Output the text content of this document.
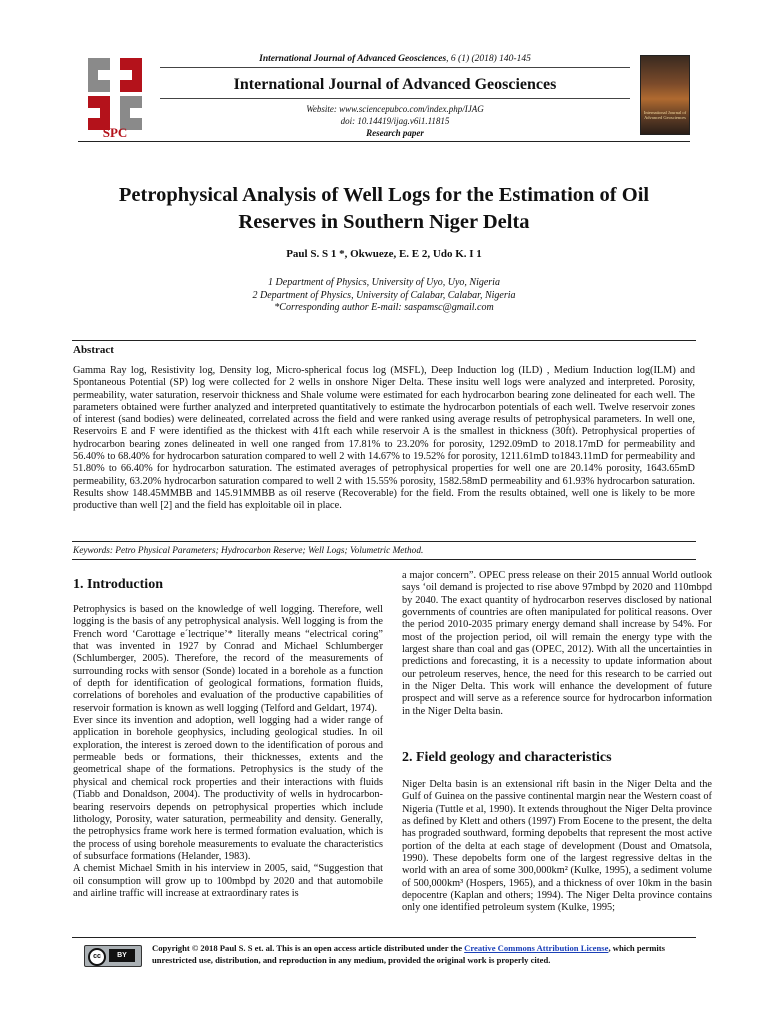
SPC
International Journal of Advanced Geosciences
International Journal of Advanced Geosciences, 6 (1) (2018) 140-145
International Journal of Advanced Geosciences
Website: www.sciencepubco.com/index.php/IJAG
doi: 10.14419/ijag.v6i1.11815
Research paper
Petrophysical Analysis of Well Logs for the Estimation of Oil Reserves in Southern Niger Delta
Paul S. S 1 *, Okwueze, E. E 2, Udo K. I 1
1 Department of Physics, University of Uyo, Uyo, Nigeria
2 Department of Physics, University of Calabar, Calabar, Nigeria
*Corresponding author E-mail: saspamsc@gmail.com
Abstract
Gamma Ray log, Resistivity log, Density log, Micro-spherical focus log (MSFL), Deep Induction log (ILD) , Medium Induction log(ILM) and Spontaneous Potential (SP) log were collected for 2 wells in onshore Niger Delta. These insitu well logs were analyzed and interpreted. Porosity, permeability, water saturation, reservoir thickness and Shale volume were estimated for each hydrocarbon bearing zone delineated for each well. The parameters obtained were further analyzed and interpreted quantitatively to estimate the hydrocarbon potentials of each well. Twelve reservoir zones of interest (sand bodies) were delineated, correlated across the field and were ranked using average results of petrophysical parameters. In well one, Reservoirs E and F were identified as the thickest with 41ft each while reservoir A is the smallest in thickness (30ft). Petrophysical properties of hydrocarbon bearing zones delineated in well one ranged from 17.81% to 23.20% for porosity, 1292.09mD to 2018.17mD for permeability and 56.40% to 68.40% for hydrocarbon saturation compared to well 2 with 14.67% to 19.52% for porosity, 1211.61mD to1843.11mD for permeability and 51.80% to 66.40% for hydrocarbon saturation. The estimated averages of petrophysical properties for well one are 20.14% porosity, 1643.65mD permeability, 63.20% hydrocarbon saturation compared to well 2 with 15.55% porosity, 1582.58mD permeability and 61.93% hydrocarbon saturation. Results show 148.45MMBB and 145.91MMBB as oil reserve (Recoverable) for the field. From the results obtained, well one is likely to be more productive than well [2] and the field has exploitable oil in place.
Keywords: Petro Physical Parameters; Hydrocarbon Reserve; Well Logs; Volumetric Method.
1. Introduction

Petrophysics is based on the knowledge of well logging. Therefore, well logging is the basis of any petrophysical analysis. Well logging is from the French word ‘Carottage e´lectrique’* literally means “electrical coring” that was invented in 1927 by Conrad and Michael Schlumberger (Schlumberger, 2005). Therefore, the record of the measurements of surrounding rocks with sensor (Sonde) located in a borehole as a function of depth for identification of geological formations, formation fluids, correlations of boreholes and evaluation of the productive capabilities of reservoir formation is known as well logging (Telford and Geldart, 1974).

Ever since its invention and adoption, well logging had a wider range of application in borehole geophysics, including geological studies. In oil exploration, the interest is zeroed down to the identification of porous and permeable beds or formations, their thicknesses, extents and the geometrical shape of the formations. Petrophysics is the study of the physical and chemical rock properties and their interactions with fluids (Tiabb and Donaldson, 2004). The productivity of wells in hydrocarbon-bearing reservoirs depends on petrophysical properties which include lithology, Porosity, water saturation, permeability and density. Generally, the petrophysics frame work here is termed formation evaluation, which is the process of using borehole measurements to evaluate the characteristics of subsurface formations (Helander, 1983).

A chemist Michael Smith in his interview in 2005, said, “Suggestion that oil consumption will grow up to 100mbpd by 2020 and that automobile and airline traffic will increase at extraordinary rates is

a major concern”. OPEC press release on their 2015 annual World outlook says ‘oil demand is projected to rise above 97mbpd by 2020 and 110mbpd by 2040. The exact quantity of hydrocarbon reserves disclosed by national governments of countries are often manipulated for political reasons. Over the period 2010-2035 primary energy demand shall increase by 54%. For most of the projection period, oil will remain the energy type with the largest share than coal and gas (OPEC, 2012). With all the uncertainties in predictions and forecasting, it is a necessity to update information about our petroleum reserves, hence, the need for this research to be carried out in the Niger Delta. This work will enhance the development of future prospect and will serve as a reference source for hydrocarbon information in the Niger Delta basin.

2. Field geology and characteristics

Niger Delta basin is an extensional rift basin in the Niger Delta and the Gulf of Guinea on the passive continental margin near the Western coast of Nigeria (Tuttle et al, 1990). It extends throughout the Niger Delta province as defined by Klett and others (1997) From Eocene to the present, the delta has prograded southward, forming depobelts that represent the most active portion of the delta at each stage of development (Doust and Omatsola, 1990). These depobelts form one of the largest regressive deltas in the world with an area of some 300,000km² (Kulke, 1995), a sediment volume of 500,000km³ (Hospers, 1965), and a thickness of over 10km in the basin depocentre (Kaplan and others; 1994). The Niger Delta province contains only one identified petroleum system (Kulke, 1995;

cc	BY
Copyright © 2018 Paul S. S et. al. This is an open access article distributed under the Creative Commons Attribution License, which permits unrestricted use, distribution, and reproduction in any medium, provided the original work is properly cited.
